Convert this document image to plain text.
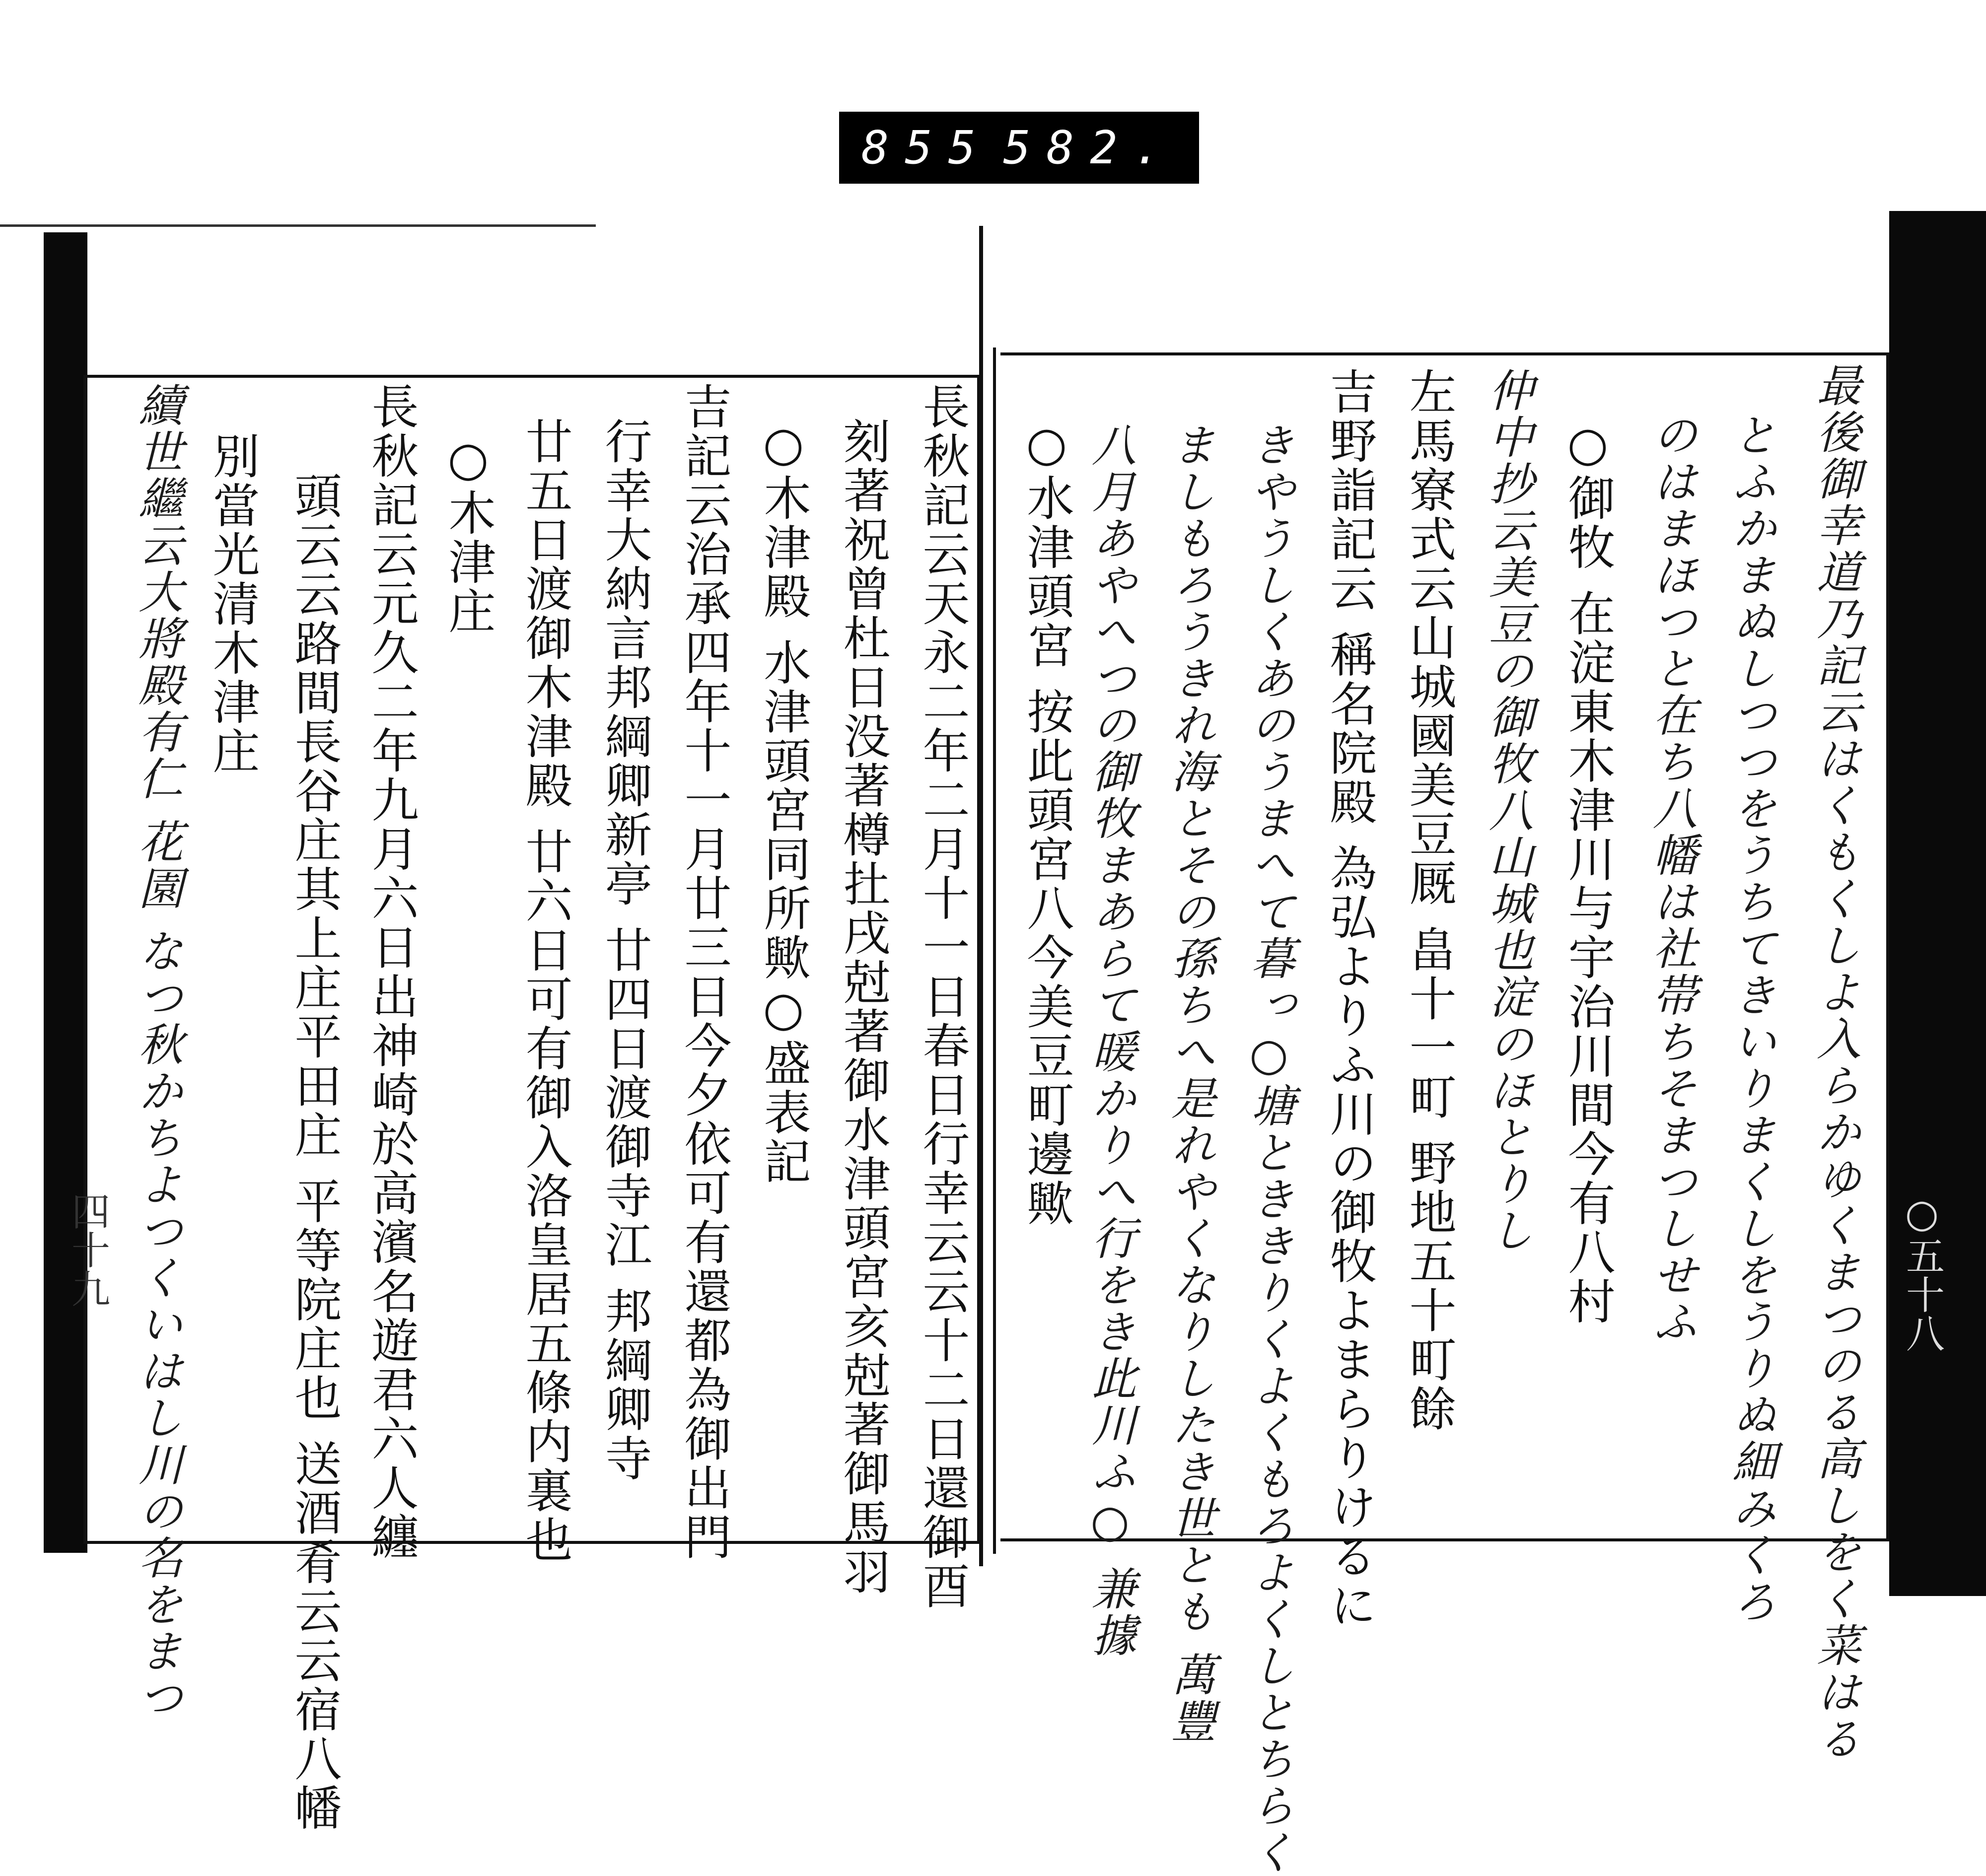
855 582.
長秋記云天永二年二月十一日春日行幸云云十二日還御酉
刻著祝曾杜日没著樽扗戌尅著御水津頭宮亥尅著御馬羽
○木津殿 水津頭宮同所歟○盛表記
吉記云治承四年十一月廿三日今夕依可有還都為御出門
行幸大納言邦綱卿新亭 廿四日渡御寺江 邦綱卿寺
廿五日渡御木津殿 廿六日可有御入洛皇居五條内裏也
○木津庄
長秋記云元久二年九月六日出神崎於高濱名遊君六人纏
頭云云路間長谷庄其上庄平田庄 平等院庄也 送酒肴云云宿八幡
別當光清木津庄
續世繼云大將殿有仁 花園 なつ秋かちよつくいはし川の名をまつ
四十九	最後御幸道乃記云はくもくしよ入らかゆくまつのる高しをく菜はる
とふかまぬしつつをうちてきいりまくしをうりぬ細みくろ
のはまほつと在ち八幡は社帯ちそまつしせふ
○御牧 在淀東木津川与宇治川間今有八村
仲中抄云美豆の御牧八山城也淀のほとりし
左馬寮式云山城國美豆厩 畠十一町 野地五十町餘
吉野詣記云 稱名院殿 為弘よりふ川の御牧よまらりけるに
きやうしくあのうまへて暮っ○塘とききりくよくもろよくしとちらく
ましもろうきれ海とその孫ちへ是れやくなりしたき世とも 萬豐
八月あやへつの御牧まあらて暖かりへ行をき此川ふ○ 兼據
○水津頭宮 按此頭宮八今美豆町邊歟
○五十八
